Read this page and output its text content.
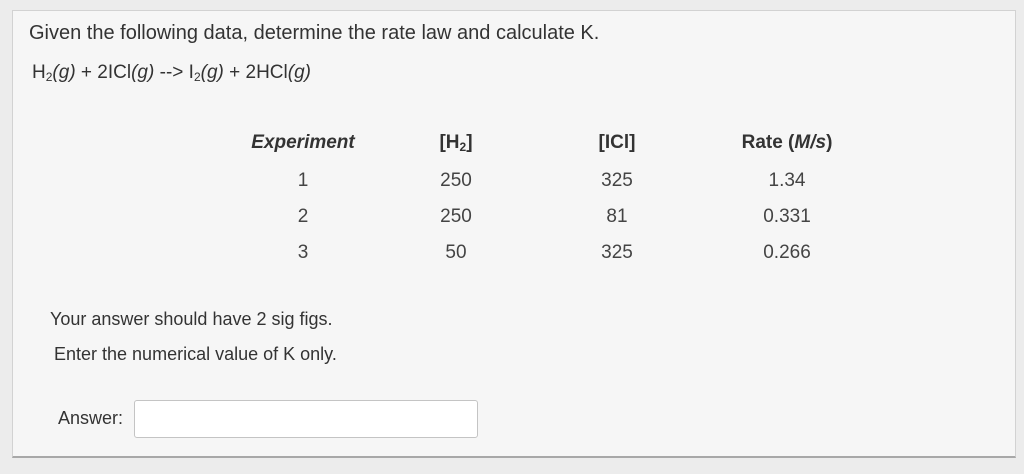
Given the following data, determine the rate law and calculate K.
$H_2(g) + 2ICl(g)$ --> $I_2(g) + 2HCl(g)$
Experiment	$[H_2]$	[ICl]	Rate (M/s)
1	250	325	1.34
2	250	81	0.331
3	50	325	0.266
Your answer should have 2 sig figs.
Enter the numerical value of K only.
Answer:
